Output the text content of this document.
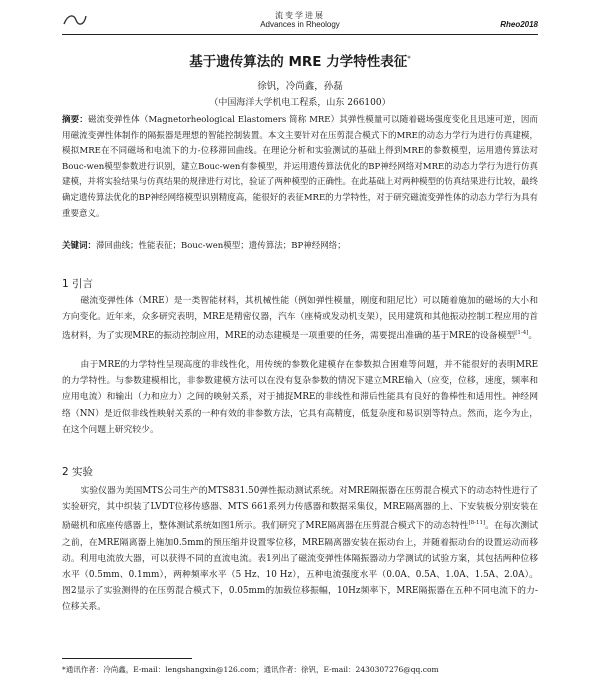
流变学进展
Advances in Rheology	Rheo2018
基于遗传算法的 MRE 力学特性表征*
徐钒，冷尚鑫，孙磊
（中国海洋大学机电工程系，山东 266100）

摘要：磁流变弹性体（Magnetorheological Elastomers 简称 MRE）其弹性模量可以随着磁场强度变化且迅速可逆，因而用磁流变弹性体制作的隔振器是理想的智能控制装置。本文主要针对在压剪混合模式下的MRE的动态力学行为进行仿真建模，模拟MRE在不同磁场和电流下的力-位移滞回曲线。在理论分析和实验测试的基础上得到MRE的参数模型，运用遗传算法对Bouc-wen模型参数进行识别，建立Bouc-wen有参模型，并运用遗传算法优化的BP神经网络对MRE的动态力学行为进行仿真建模，并将实验结果与仿真结果的规律进行对比，验证了两种模型的正确性。在此基础上对两种模型的仿真结果进行比较，最终确定遗传算法优化的BP神经网络模型识别精度高，能很好的表征MRE的力学特性，对于研究磁流变弹性体的动态力学行为具有重要意义。

关键词：滞回曲线；性能表征；Bouc-wen模型；遗传算法；BP神经网络；

1 引言

磁流变弹性体（MRE）是一类智能材料，其机械性能（例如弹性模量，刚度和阻尼比）可以随着施加的磁场的大小和方向变化。近年来，众多研究表明，MRE是精密仪器，汽车（座椅或发动机支架），民用建筑和其他振动控制工程应用的首选材料，为了实现MRE的振动控制应用，MRE的动态建模是一项重要的任务，需要提出准确的基于MRE的设备模型[1-4]。

由于MRE的力学特性呈现高度的非线性化，用传统的参数化建模存在参数拟合困难等问题，并不能很好的表明MRE的力学特性。与参数建模相比，非参数建模方法可以在没有复杂参数的情况下建立MRE输入（应变，位移，速度，频率和应用电流）和输出（力和应力）之间的映射关系，对于捕捉MRE的非线性和滞后性能具有良好的鲁棒性和适用性。神经网络（NN）是近似非线性映射关系的一种有效的非参数方法，它具有高精度，低复杂度和易识别等特点。然而，迄今为止，在这个问题上研究较少。

2 实验

实验仪器为美国MTS公司生产的MTS831.50弹性振动测试系统。对MRE隔振器在压剪混合模式下的动态特性进行了实验研究，其中织装了LVDT位移传感器、MTS 661系列力传感器和数据采集仪，MRE隔离器的上、下安装板分别安装在励磁机和底座传感器上，整体测试系统如图1所示。我们研究了MRE隔离器在压剪混合模式下的动态特性[8-11]。在每次测试之前，在MRE隔离器上施加0.5mm的预压缩并设置零位移，MRE隔离器安装在振动台上，并随着振动台的设置运动而移动。利用电流放大器，可以获得不同的直流电流。表1列出了磁流变弹性体隔振器动力学测试的试验方案，其包括两种位移水平（0.5mm、0.1mm），两种频率水平（5 Hz、10 Hz），五种电流强度水平（0.0A、0.5A、1.0A、1.5A、2.0A）。图2显示了实验测得的在压剪混合模式下，0.05mm的加载位移振幅，10Hz频率下，MRE隔振器在五种不同电流下的力-位移关系。

*通讯作者：冷尚鑫，E-mail：lengshangxin@126.com；通讯作者：徐钒，E-mail：2430307276@qq.com
